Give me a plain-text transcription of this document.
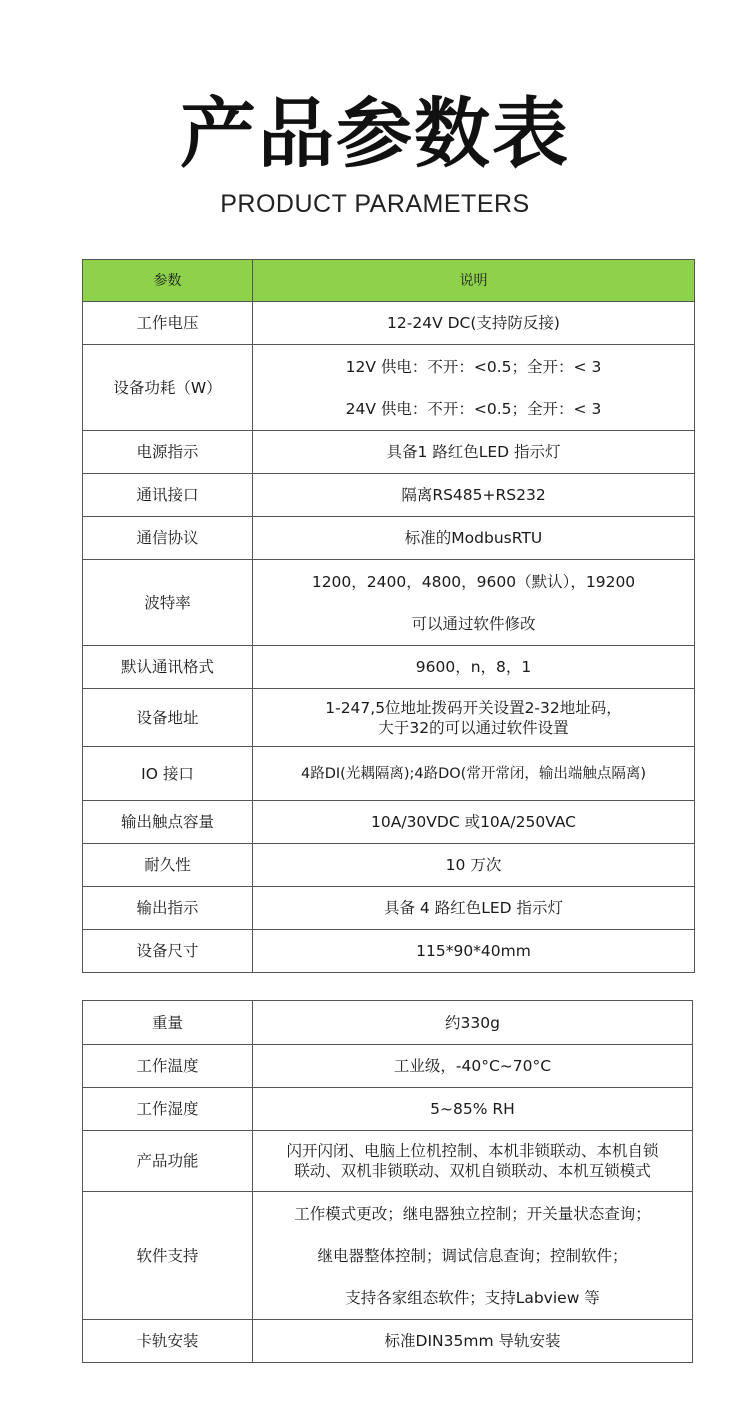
产品参数表
PRODUCT PARAMETERS
参数	说明
工作电压	12-24V DC(支持防反接)

设备功耗（W）	12V 供电：不开：<0.5；全开：< 3
24V 供电：不开：<0.5；全开：< 3

电源指示	具备1 路红色LED 指示灯

通讯接口	隔离RS485+RS232

通信协议	标准的ModbusRTU

波特率	1200，2400，4800，9600（默认），19200
可以通过软件修改

默认通讯格式	9600，n，8，1

设备地址	1-247,5位地址拨码开关设置2-32地址码，
大于32的可以通过软件设置

IO 接口	4路DI(光耦隔离);4路DO(常开常闭，输出端触点隔离)

输出触点容量	10A/30VDC 或10A/250VAC

耐久性	10 万次

输出指示	具备 4 路红色LED 指示灯

设备尺寸	115*90*40mm
重量	约330g

工作温度	工业级，-40°C~70°C

工作湿度	5~85% RH

产品功能	闪开闪闭、电脑上位机控制、本机非锁联动、本机自锁
联动、双机非锁联动、双机自锁联动、本机互锁模式

软件支持	工作模式更改；继电器独立控制；开关量状态查询；
继电器整体控制；调试信息查询；控制软件；
支持各家组态软件；支持Labview 等

卡轨安装	标准DIN35mm 导轨安装
